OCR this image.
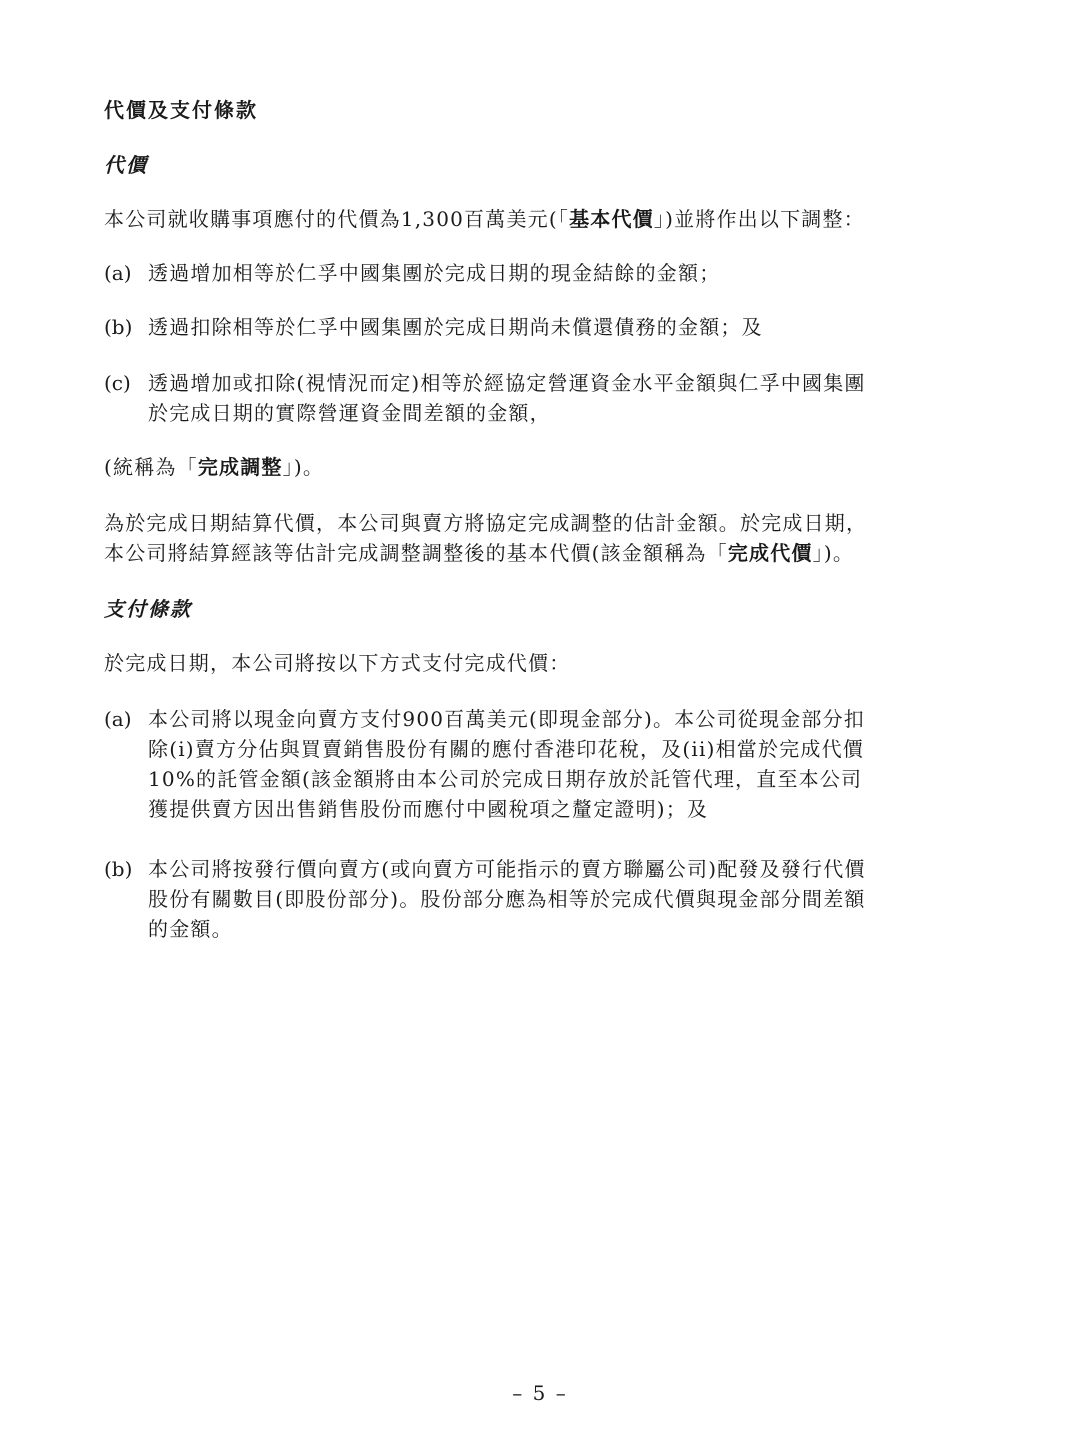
代價及支付條款
代價
本公司就收購事項應付的代價為1,300百萬美元(「基本代價」)並將作出以下調整：
(a) 透過增加相等於仁孚中國集團於完成日期的現金結餘的金額；
(b) 透過扣除相等於仁孚中國集團於完成日期尚未償還債務的金額；及
(c) 透過增加或扣除(視情況而定)相等於經協定營運資金水平金額與仁孚中國集團
於完成日期的實際營運資金間差額的金額，
(統稱為「完成調整」)。
為於完成日期結算代價，本公司與賣方將協定完成調整的估計金額。於完成日期，
本公司將結算經該等估計完成調整調整後的基本代價(該金額稱為「完成代價」)。
支付條款
於完成日期，本公司將按以下方式支付完成代價：
(a) 本公司將以現金向賣方支付900百萬美元(即現金部分)。本公司從現金部分扣
除(i)賣方分佔與買賣銷售股份有關的應付香港印花稅，及(ii)相當於完成代價
10%的託管金額(該金額將由本公司於完成日期存放於託管代理，直至本公司
獲提供賣方因出售銷售股份而應付中國稅項之釐定證明)；及
(b) 本公司將按發行價向賣方(或向賣方可能指示的賣方聯屬公司)配發及發行代價
股份有關數目(即股份部分)。股份部分應為相等於完成代價與現金部分間差額
的金額。
– 5 –
